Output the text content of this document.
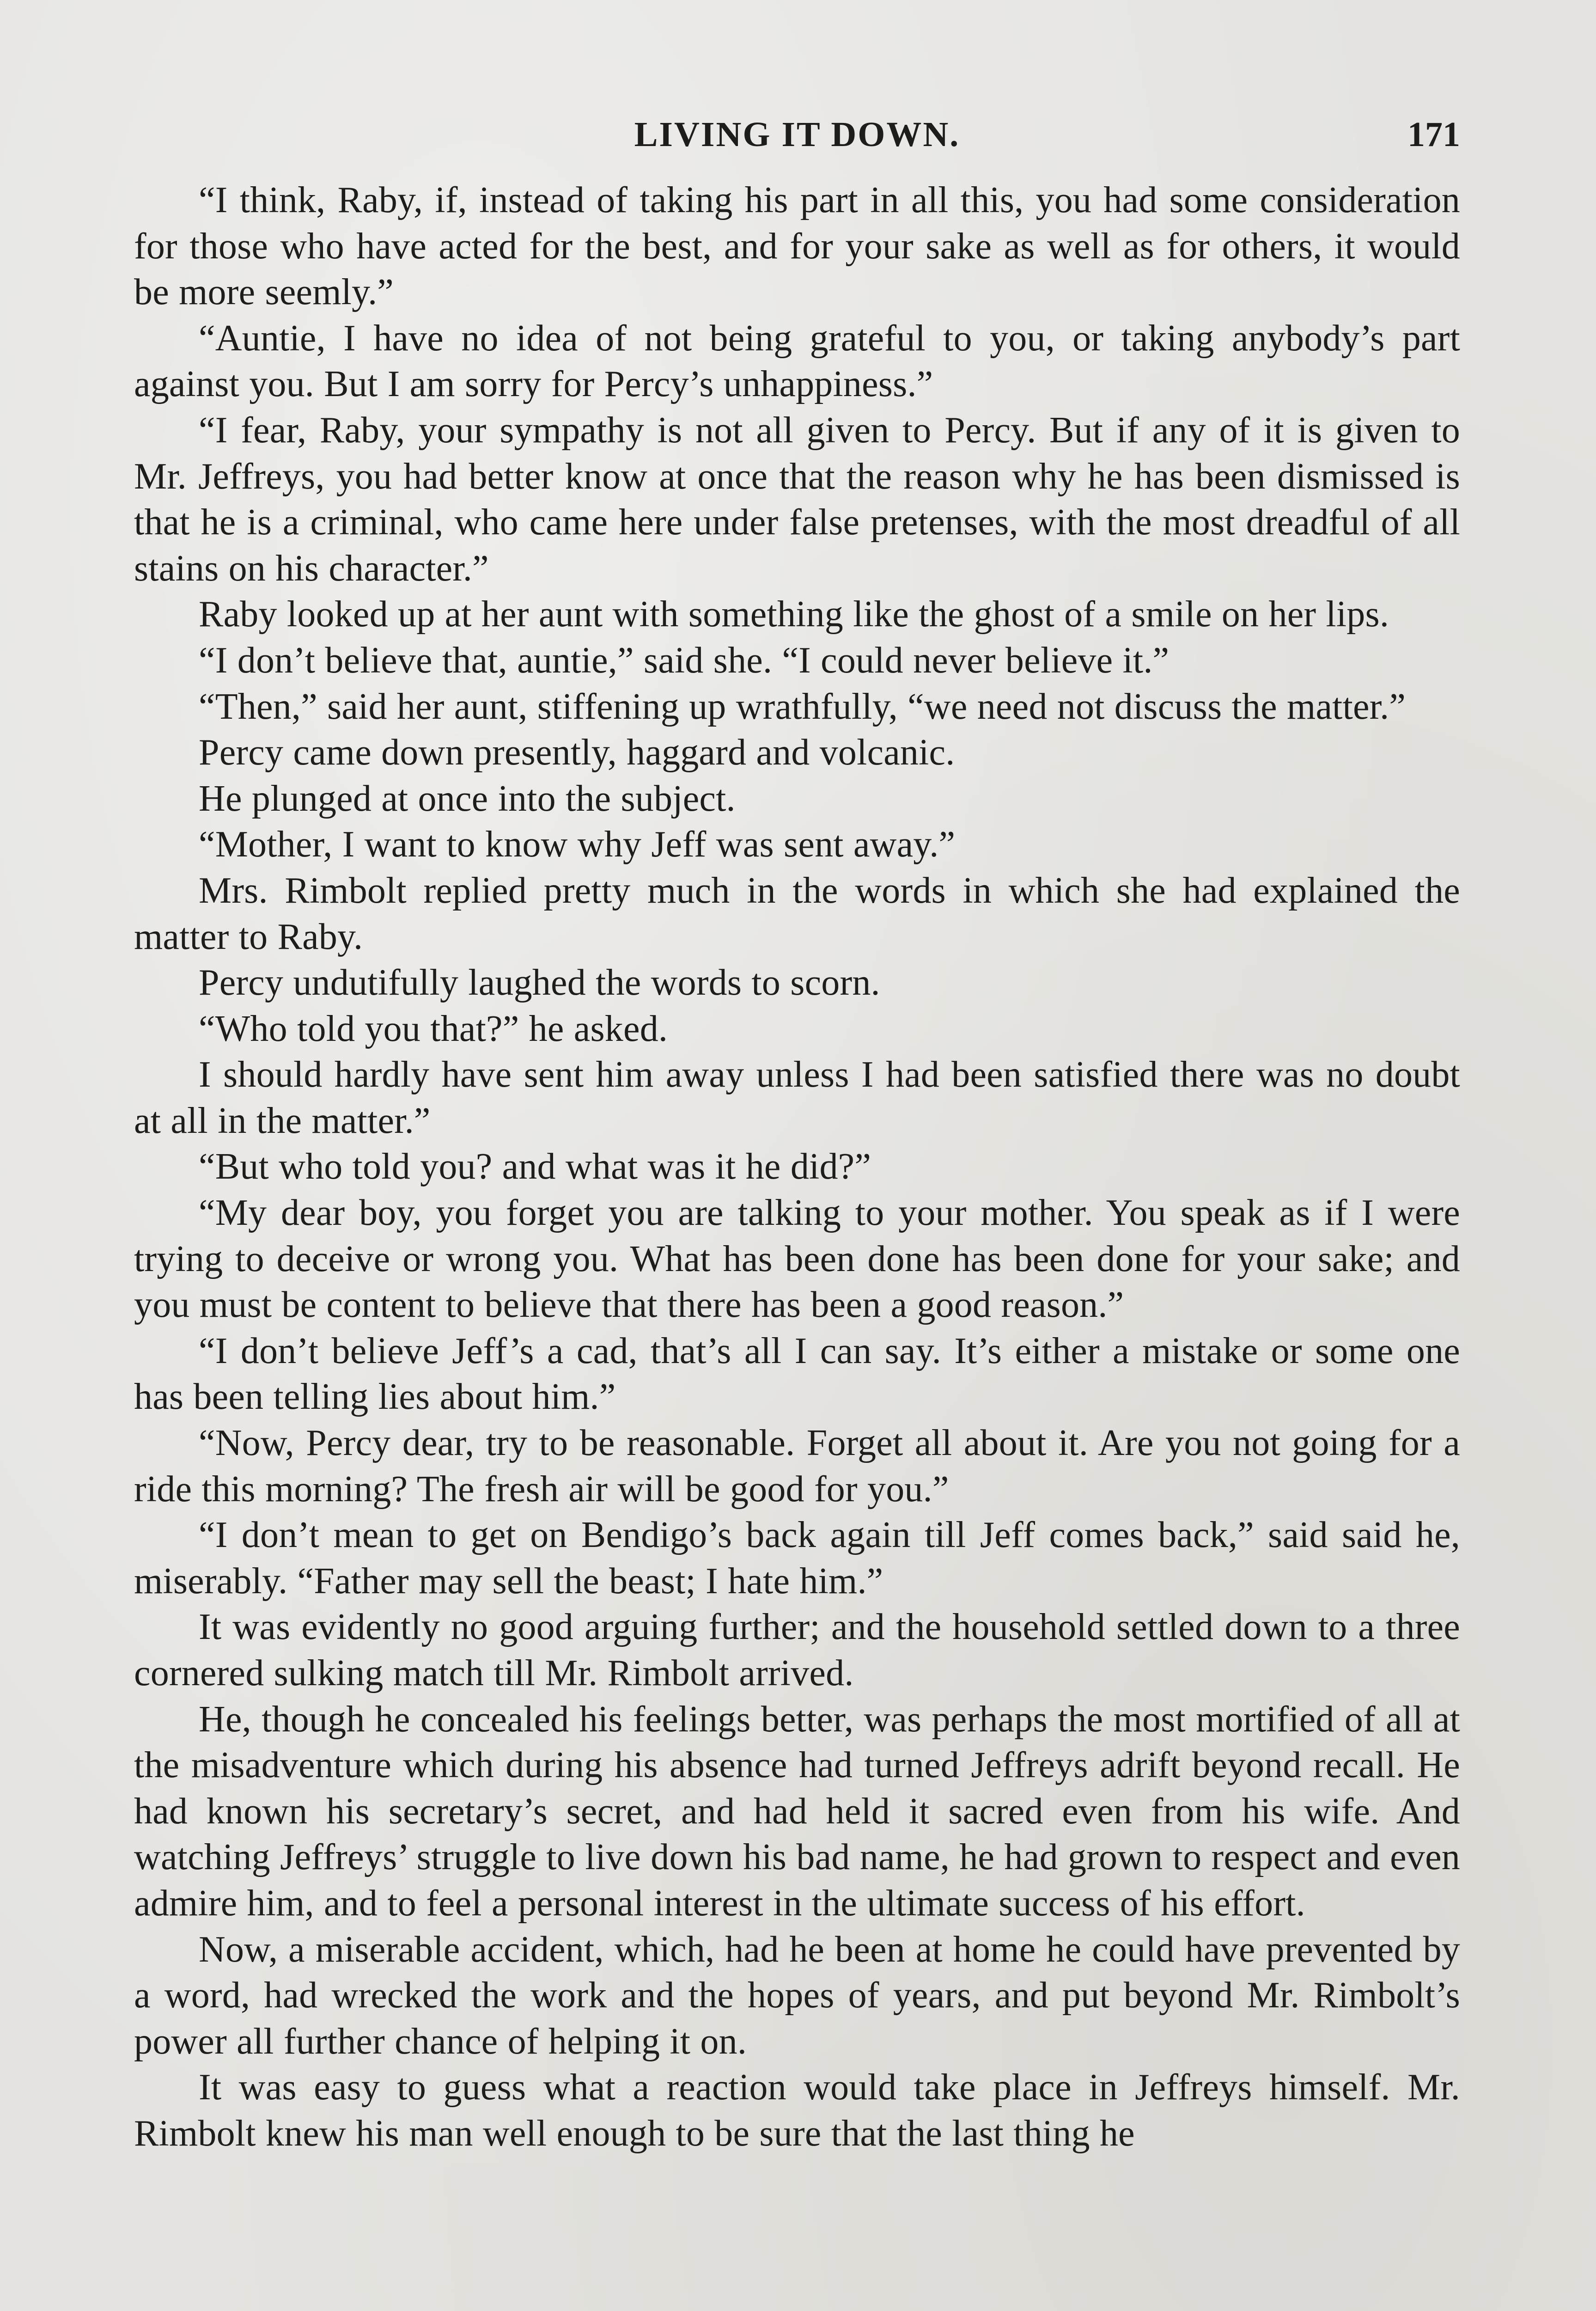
LIVING IT DOWN.	171

“I think, Raby, if, instead of taking his part in all this, you had some consideration for those who have acted for the best, and for your sake as well as for others, it would be more seemly.”

“Auntie, I have no idea of not being grateful to you, or taking anybody’s part against you. But I am sorry for Percy’s unhappiness.”

“I fear, Raby, your sympathy is not all given to Percy. But if any of it is given to Mr. Jeffreys, you had better know at once that the reason why he has been dismissed is that he is a criminal, who came here under false pretenses, with the most dreadful of all stains on his character.”

Raby looked up at her aunt with something like the ghost of a smile on her lips.

“I don’t believe that, auntie,” said she. “I could never believe it.”

“Then,” said her aunt, stiffening up wrathfully, “we need not discuss the matter.”

Percy came down presently, haggard and volcanic.

He plunged at once into the subject.

“Mother, I want to know why Jeff was sent away.”

Mrs. Rimbolt replied pretty much in the words in which she had explained the matter to Raby.

Percy undutifully laughed the words to scorn.

“Who told you that?” he asked.

I should hardly have sent him away unless I had been satisfied there was no doubt at all in the matter.”

“But who told you? and what was it he did?”

“My dear boy, you forget you are talking to your mother. You speak as if I were trying to deceive or wrong you. What has been done has been done for your sake; and you must be content to believe that there has been a good reason.”

“I don’t believe Jeff’s a cad, that’s all I can say. It’s either a mistake or some one has been telling lies about him.”

“Now, Percy dear, try to be reasonable. Forget all about it. Are you not going for a ride this morning? The fresh air will be good for you.”

“I don’t mean to get on Bendigo’s back again till Jeff comes back,” said said he, miserably. “Father may sell the beast; I hate him.”

It was evidently no good arguing further; and the household settled down to a three cornered sulking match till Mr. Rimbolt arrived.

He, though he concealed his feelings better, was perhaps the most mortified of all at the misadventure which during his absence had turned Jeffreys adrift beyond recall. He had known his secretary’s secret, and had held it sacred even from his wife. And watching Jeffreys’ struggle to live down his bad name, he had grown to respect and even admire him, and to feel a personal interest in the ultimate success of his effort.

Now, a miserable accident, which, had he been at home he could have prevented by a word, had wrecked the work and the hopes of years, and put beyond Mr. Rimbolt’s power all further chance of helping it on.

It was easy to guess what a reaction would take place in Jeffreys himself. Mr. Rimbolt knew his man well enough to be sure that the last thing he
